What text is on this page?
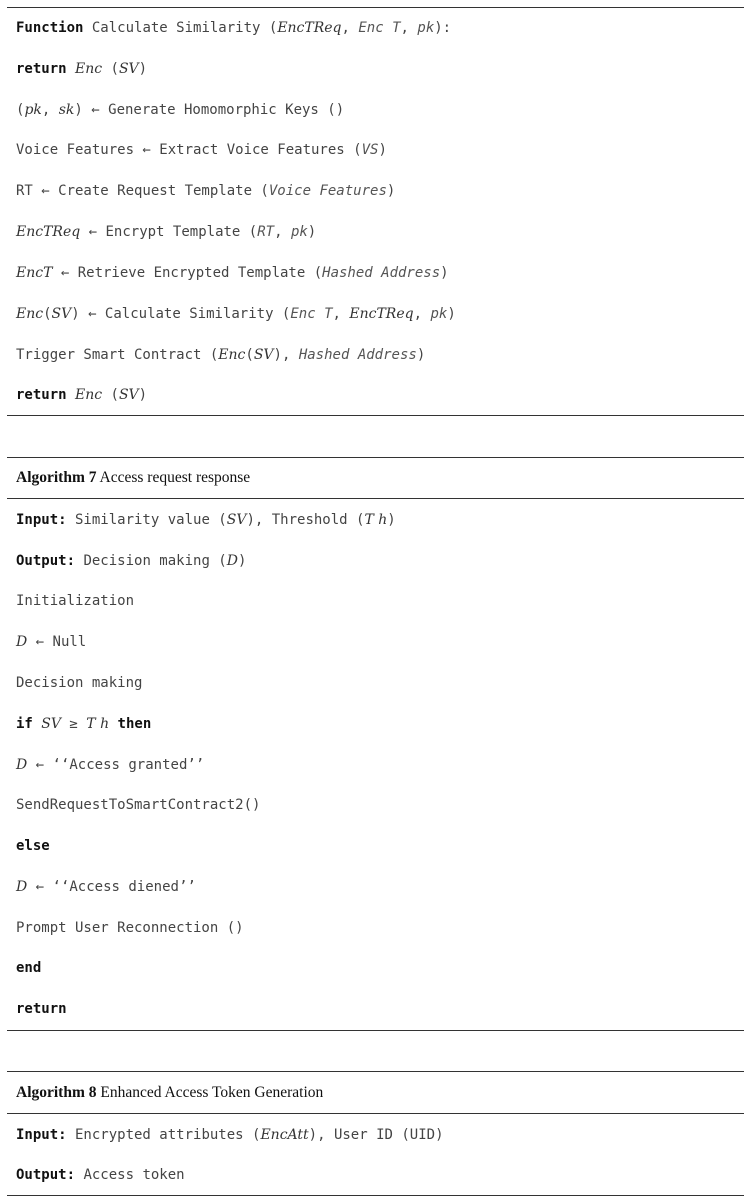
Function Calculate Similarity (EncTReq, Enc T, pk):
return Enc (SV)
(pk, sk) ← Generate Homomorphic Keys ()
Voice Features ← Extract Voice Features (VS)
RT ← Create Request Template (Voice Features)
EncTReq ← Encrypt Template (RT, pk)
EncT ← Retrieve Encrypted Template (Hashed Address)
Enc(SV) ← Calculate Similarity (Enc T, EncTReq, pk)
Trigger Smart Contract (Enc(SV), Hashed Address)
return Enc (SV)
Algorithm 7 Access request response
Input: Similarity value (SV), Threshold (T h)
Output: Decision making (D)
Initialization
D ← Null
Decision making
if SV ≥ T h then
D ← ‘‘Access granted’’
SendRequestToSmartContract2()
else
D ← ‘‘Access diened’’
Prompt User Reconnection ()
end
return
Algorithm 8 Enhanced Access Token Generation
Input: Encrypted attributes (EncAtt), User ID (UID)
Output: Access token
